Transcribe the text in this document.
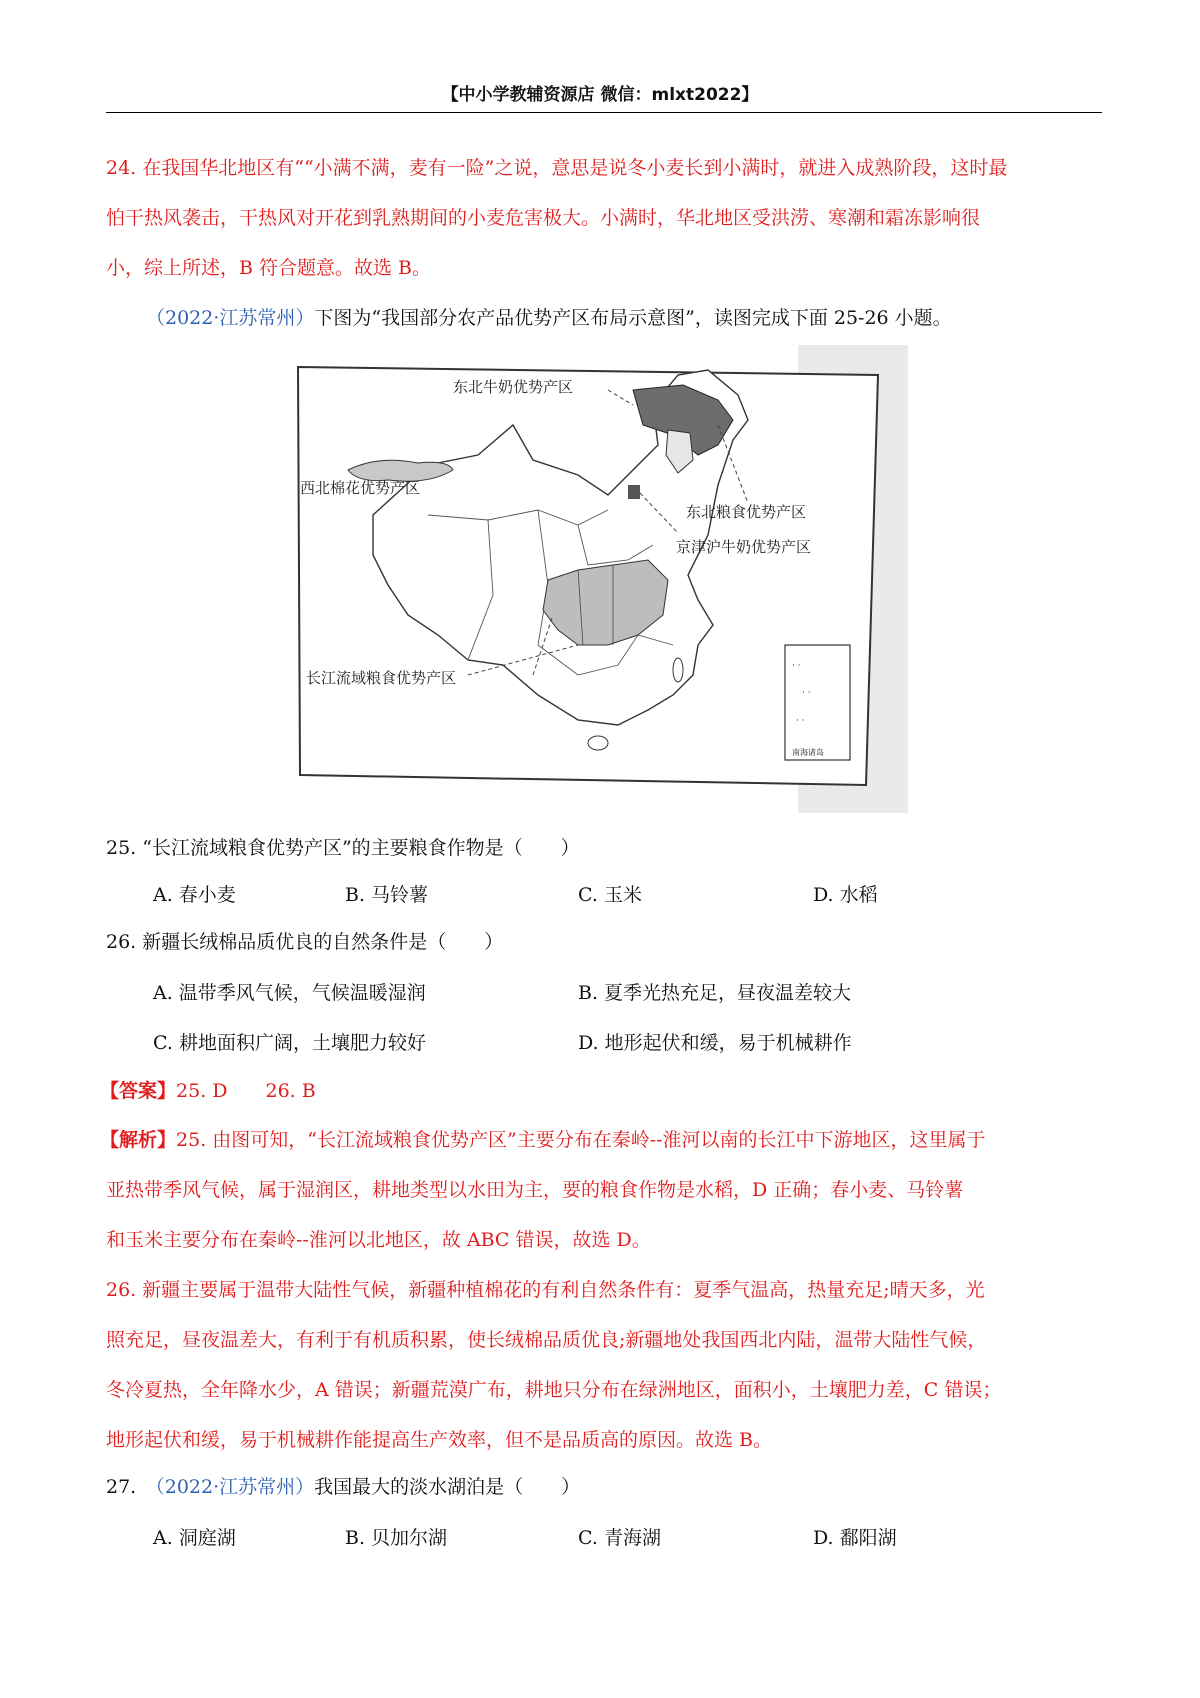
【中小学教辅资源店 微信：mlxt2022】
24. 在我国华北地区有““小满不满，麦有一险”之说，意思是说冬小麦长到小满时，就进入成熟阶段，这时最
怕干热风袭击，干热风对开花到乳熟期间的小麦危害极大。小满时，华北地区受洪涝、寒潮和霜冻影响很
小，综上所述，B 符合题意。故选 B。
（2022·江苏常州）下图为“我国部分农产品优势产区布局示意图”，读图完成下面 25-26 小题。
· ·
· ·
· ·
东北牛奶优势产区
西北棉花优势产区
东北粮食优势产区
京津沪牛奶优势产区
长江流域粮食优势产区
南海诸岛
25. “长江流域粮食优势产区”的主要粮食作物是（　　）
A. 春小麦	B. 马铃薯	C. 玉米	D. 水稻
26. 新疆长绒棉品质优良的自然条件是（　　）
A. 温带季风气候，气候温暖湿润	B. 夏季光热充足，昼夜温差较大
C. 耕地面积广阔，土壤肥力较好	D. 地形起伏和缓，易于机械耕作
【答案】25. D　　26. B
【解析】25. 由图可知，“长江流域粮食优势产区”主要分布在秦岭--淮河以南的长江中下游地区，这里属于
亚热带季风气候，属于湿润区，耕地类型以水田为主，要的粮食作物是水稻，D 正确；春小麦、马铃薯
和玉米主要分布在秦岭--淮河以北地区，故 ABC 错误，故选 D。
26. 新疆主要属于温带大陆性气候，新疆种植棉花的有利自然条件有：夏季气温高，热量充足;晴天多，光
照充足，昼夜温差大，有利于有机质积累，使长绒棉品质优良;新疆地处我国西北内陆，温带大陆性气候，
冬冷夏热，全年降水少，A 错误；新疆荒漠广布，耕地只分布在绿洲地区，面积小，土壤肥力差，C 错误；
地形起伏和缓，易于机械耕作能提高生产效率，但不是品质高的原因。故选 B。
27.　 （2022·江苏常州）我国最大的淡水湖泊是（　　）
A. 洞庭湖	B. 贝加尔湖	C. 青海湖	D. 鄱阳湖
